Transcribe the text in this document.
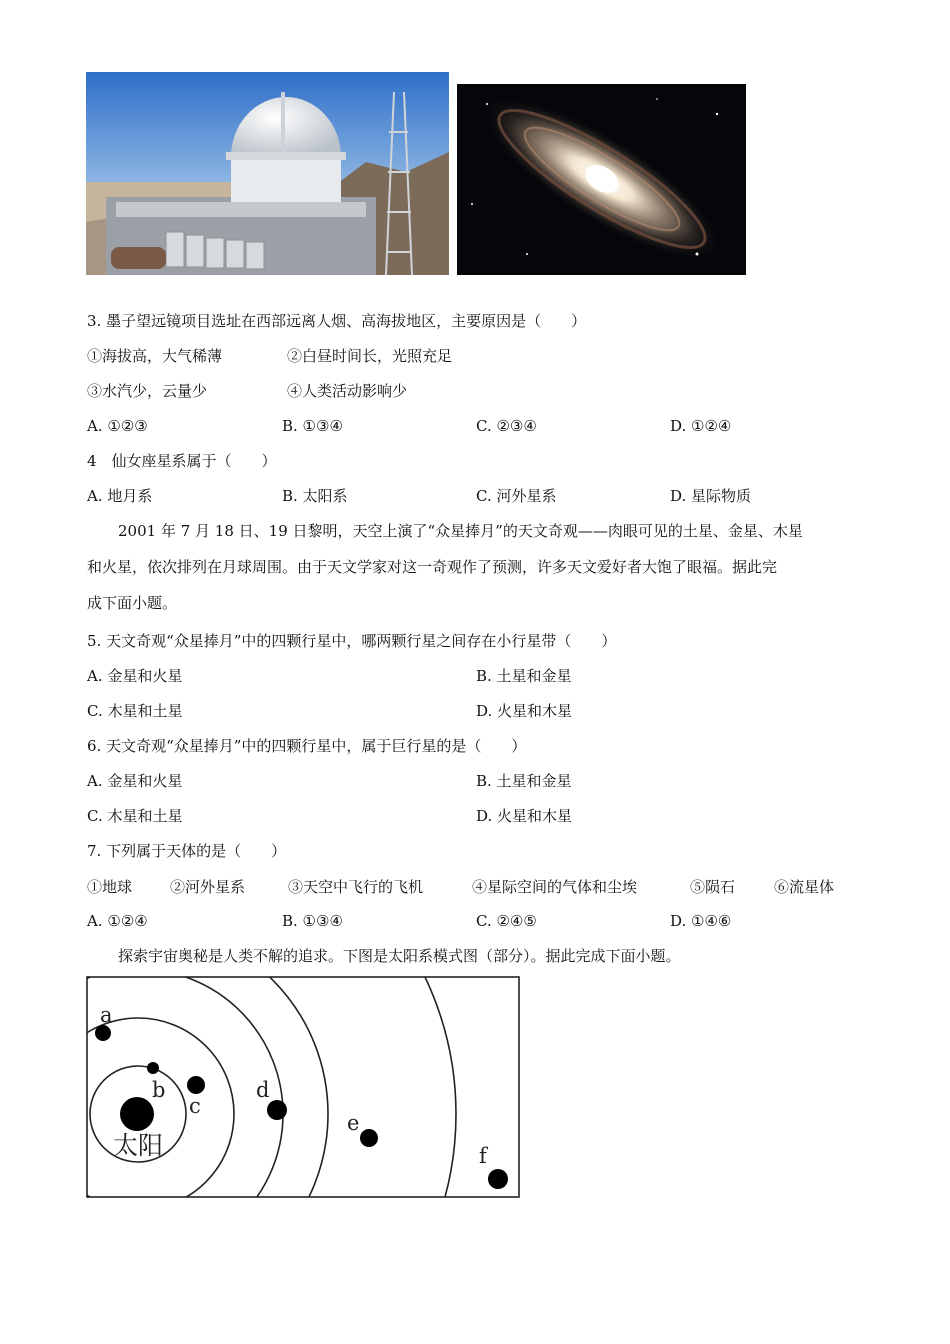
3. 墨子望远镜项目选址在西部远离人烟、高海拔地区，主要原因是（　　）
①海拔高，大气稀薄	②白昼时间长，光照充足
③水汽少，云量少	④人类活动影响少
A. ①②③	B. ①③④	C. ②③④	D. ①②④
4　仙女座星系属于（　　）
A. 地月系	B. 太阳系	C. 河外星系	D. 星际物质
2001 年 7 月 18 日、19 日黎明，天空上演了“众星捧月”的天文奇观——肉眼可见的土星、金星、木星
和火星，依次排列在月球周围。由于天文学家对这一奇观作了预测，许多天文爱好者大饱了眼福。据此完
成下面小题。
5. 天文奇观“众星捧月”中的四颗行星中，哪两颗行星之间存在小行星带（　　）
A. 金星和火星	B. 土星和金星
C. 木星和土星	D. 火星和木星
6. 天文奇观“众星捧月”中的四颗行星中，属于巨行星的是（　　）
A. 金星和火星	B. 土星和金星
C. 木星和土星	D. 火星和木星
7. 下列属于天体的是（　　）
①地球	②河外星系	③天空中飞行的飞机	④星际空间的气体和尘埃	⑤陨石	⑥流星体
A. ①②④	B. ①③④	C. ②④⑤	D. ①④⑥
探索宇宙奥秘是人类不解的追求。下图是太阳系模式图（部分）。据此完成下面小题。
a
b
c
d
e
f
太阳
